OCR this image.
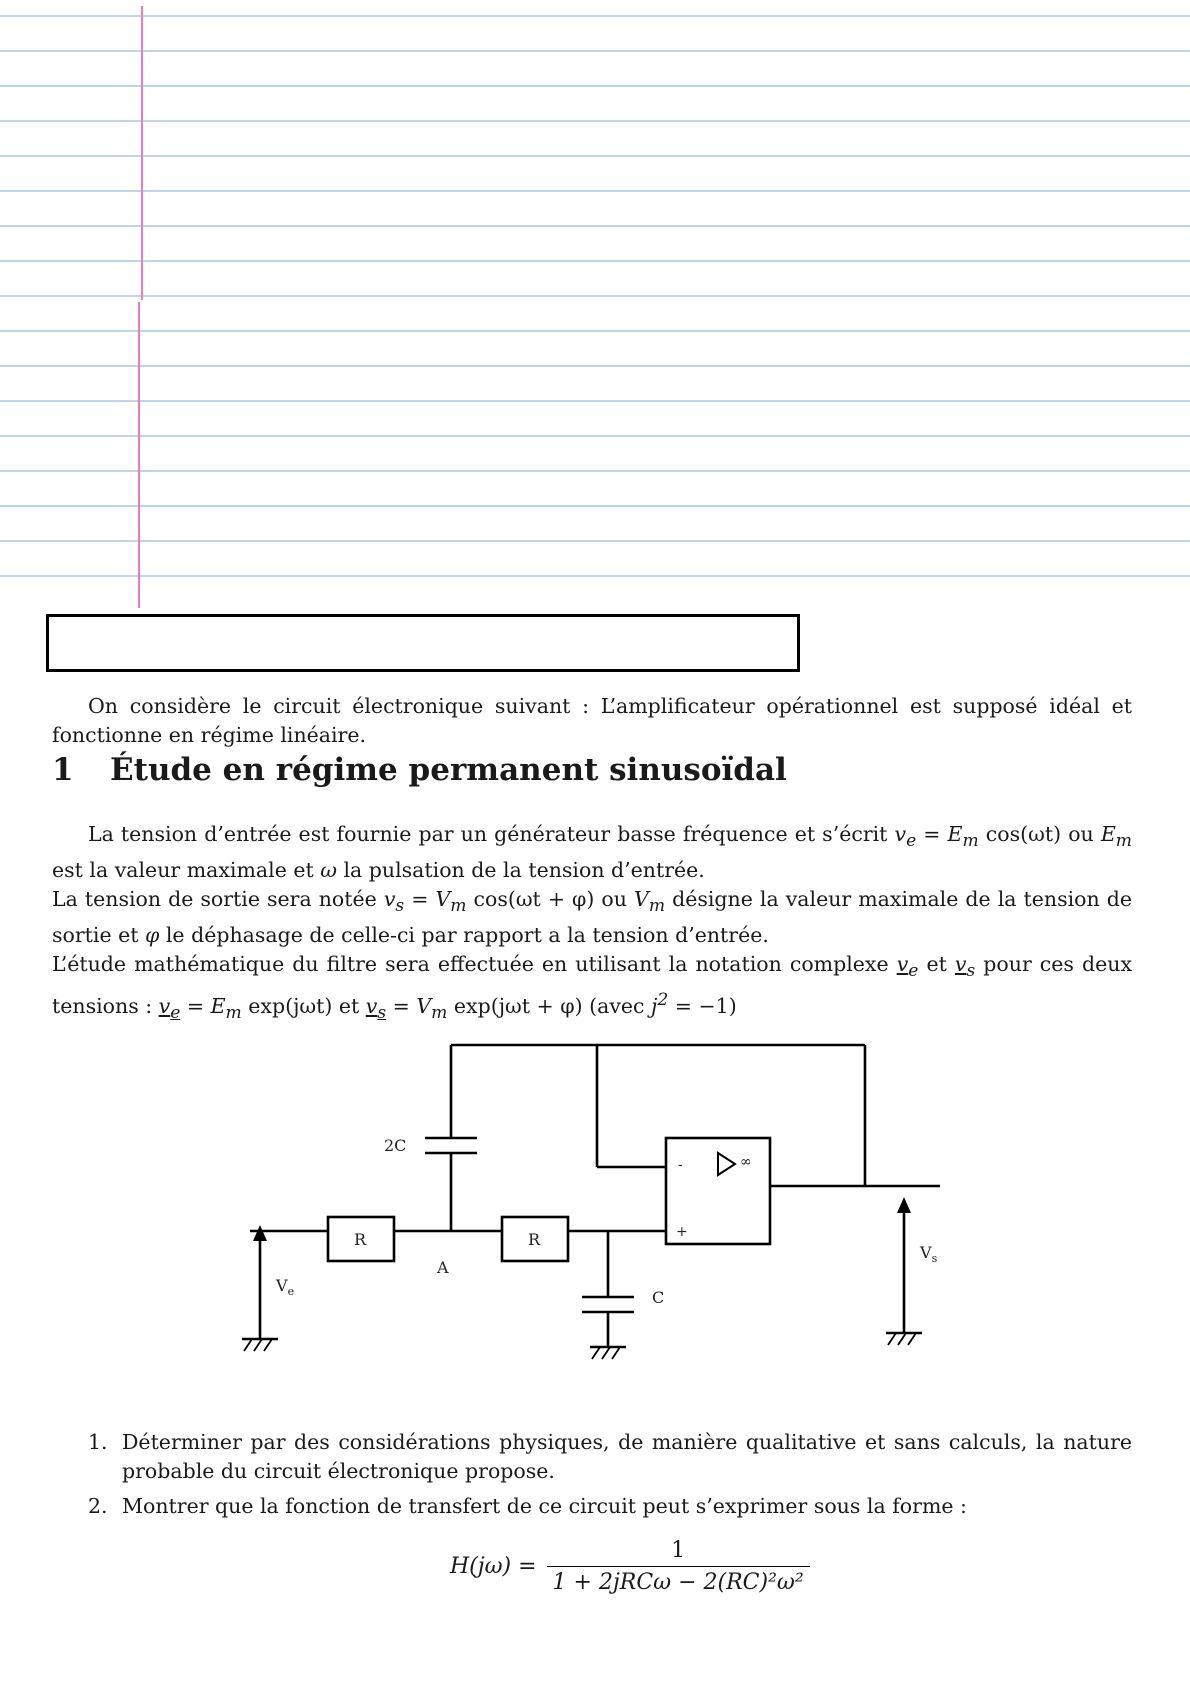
On considère le circuit électronique suivant : L’amplificateur opérationnel est supposé idéal et fonctionne en régime linéaire.
1 Étude en régime permanent sinusoïdal
La tension d’entrée est fournie par un générateur basse fréquence et s’écrit $v_e = E_m$ cos(ωt) ou $E_m$ est la valeur maximale et ω la pulsation de la tension d’entrée.
La tension de sortie sera notée $v_s = V_m$ cos(ωt + φ) ou $V_m$ désigne la valeur maximale de la tension de sortie et φ le déphasage de celle-ci par rapport a la tension d’entrée.
L’étude mathématique du filtre sera effectuée en utilisant la notation complexe $v_e$ et $v_s$ pour ces deux tensions : $v_e = E_m$ exp(jωt) et $v_s = V_m$ exp(jωt + φ) (avec $j^2 = -1$)
2C
R	R
A
C
$V_e$
$V_s$
-
+
∞
1. Déterminer par des considérations physiques, de manière qualitative et sans calculs, la nature probable du circuit électronique propose.
2. Montrer que la fonction de transfert de ce circuit peut s’exprimer sous la forme :
$H(j\omega) = \frac{1}{\text{1 + 2jRCω − 2(RC)²ω²}}$
